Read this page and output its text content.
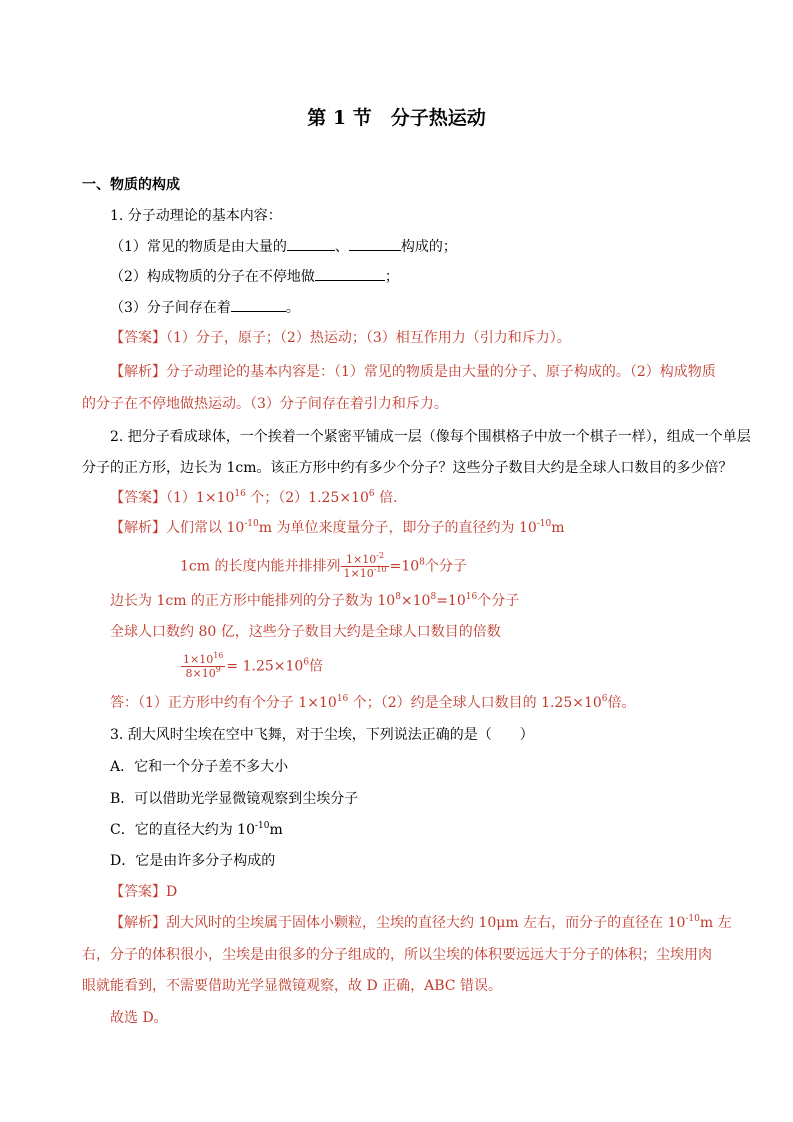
第 1 节　分子热运动
一、物质的构成
1. 分子动理论的基本内容：
（1）常见的物质是由大量的	、	构成的；
（2）构成物质的分子在不停地做	；
（3）分子间存在着	。
【答案】（1）分子，原子；（2）热运动；（3）相互作用力（引力和斥力）。
【解析】分子动理论的基本内容是：（1）常见的物质是由大量的分子、原子构成的。（2）构成物质
的分子在不停地做热运动。（3）分子间存在着引力和斥力。
2. 把分子看成球体，一个挨着一个紧密平铺成一层（像每个围棋格子中放一个棋子一样），组成一个单层
分子的正方形，边长为 1cm。该正方形中约有多少个分子？这些分子数目大约是全球人口数目的多少倍？
【答案】$(1)1\times 10^{16}$ 个；$(2)1.25\times 10^6$ 倍.
【解析】人们常以 $10^{-10}m$ 为单位来度量分子，即分子的直径约为 $10^{-10}m$
1cm 的长度内能并排排列 $\frac{1\times 10^{-2}}{1\times 10^{-10}} =10^8$个分子
边长为 1cm 的正方形中能排列的分子数为 $10^8\times 10^8=10^{16}$个分子
全球人口数约 80 亿，这些分子数目大约是全球人口数目的倍数
$\frac{1\times 10^{16}}{8\times 10^9} = 1.25\times 10^6$倍
答：（1）正方形中约有个分子 $1\times 10^{16}$ 个；（2）约是全球人口数目的 $1.25\times 10^6$倍。
3. 刮大风时尘埃在空中飞舞，对于尘埃，下列说法正确的是（　　）
A．它和一个分子差不多大小
B．可以借助光学显微镜观察到尘埃分子
C．它的直径大约为 $10^{-10}m$
D．它是由许多分子构成的
【答案】D
【解析】刮大风时的尘埃属于固体小颗粒，尘埃的直径大约 10μm 左右，而分子的直径在 $10^{-10}m$ 左
右，分子的体积很小，尘埃是由很多的分子组成的，所以尘埃的体积要远远大于分子的体积；尘埃用肉
眼就能看到，不需要借助光学显微镜观察，故 D 正确，ABC 错误。
故选 D。
